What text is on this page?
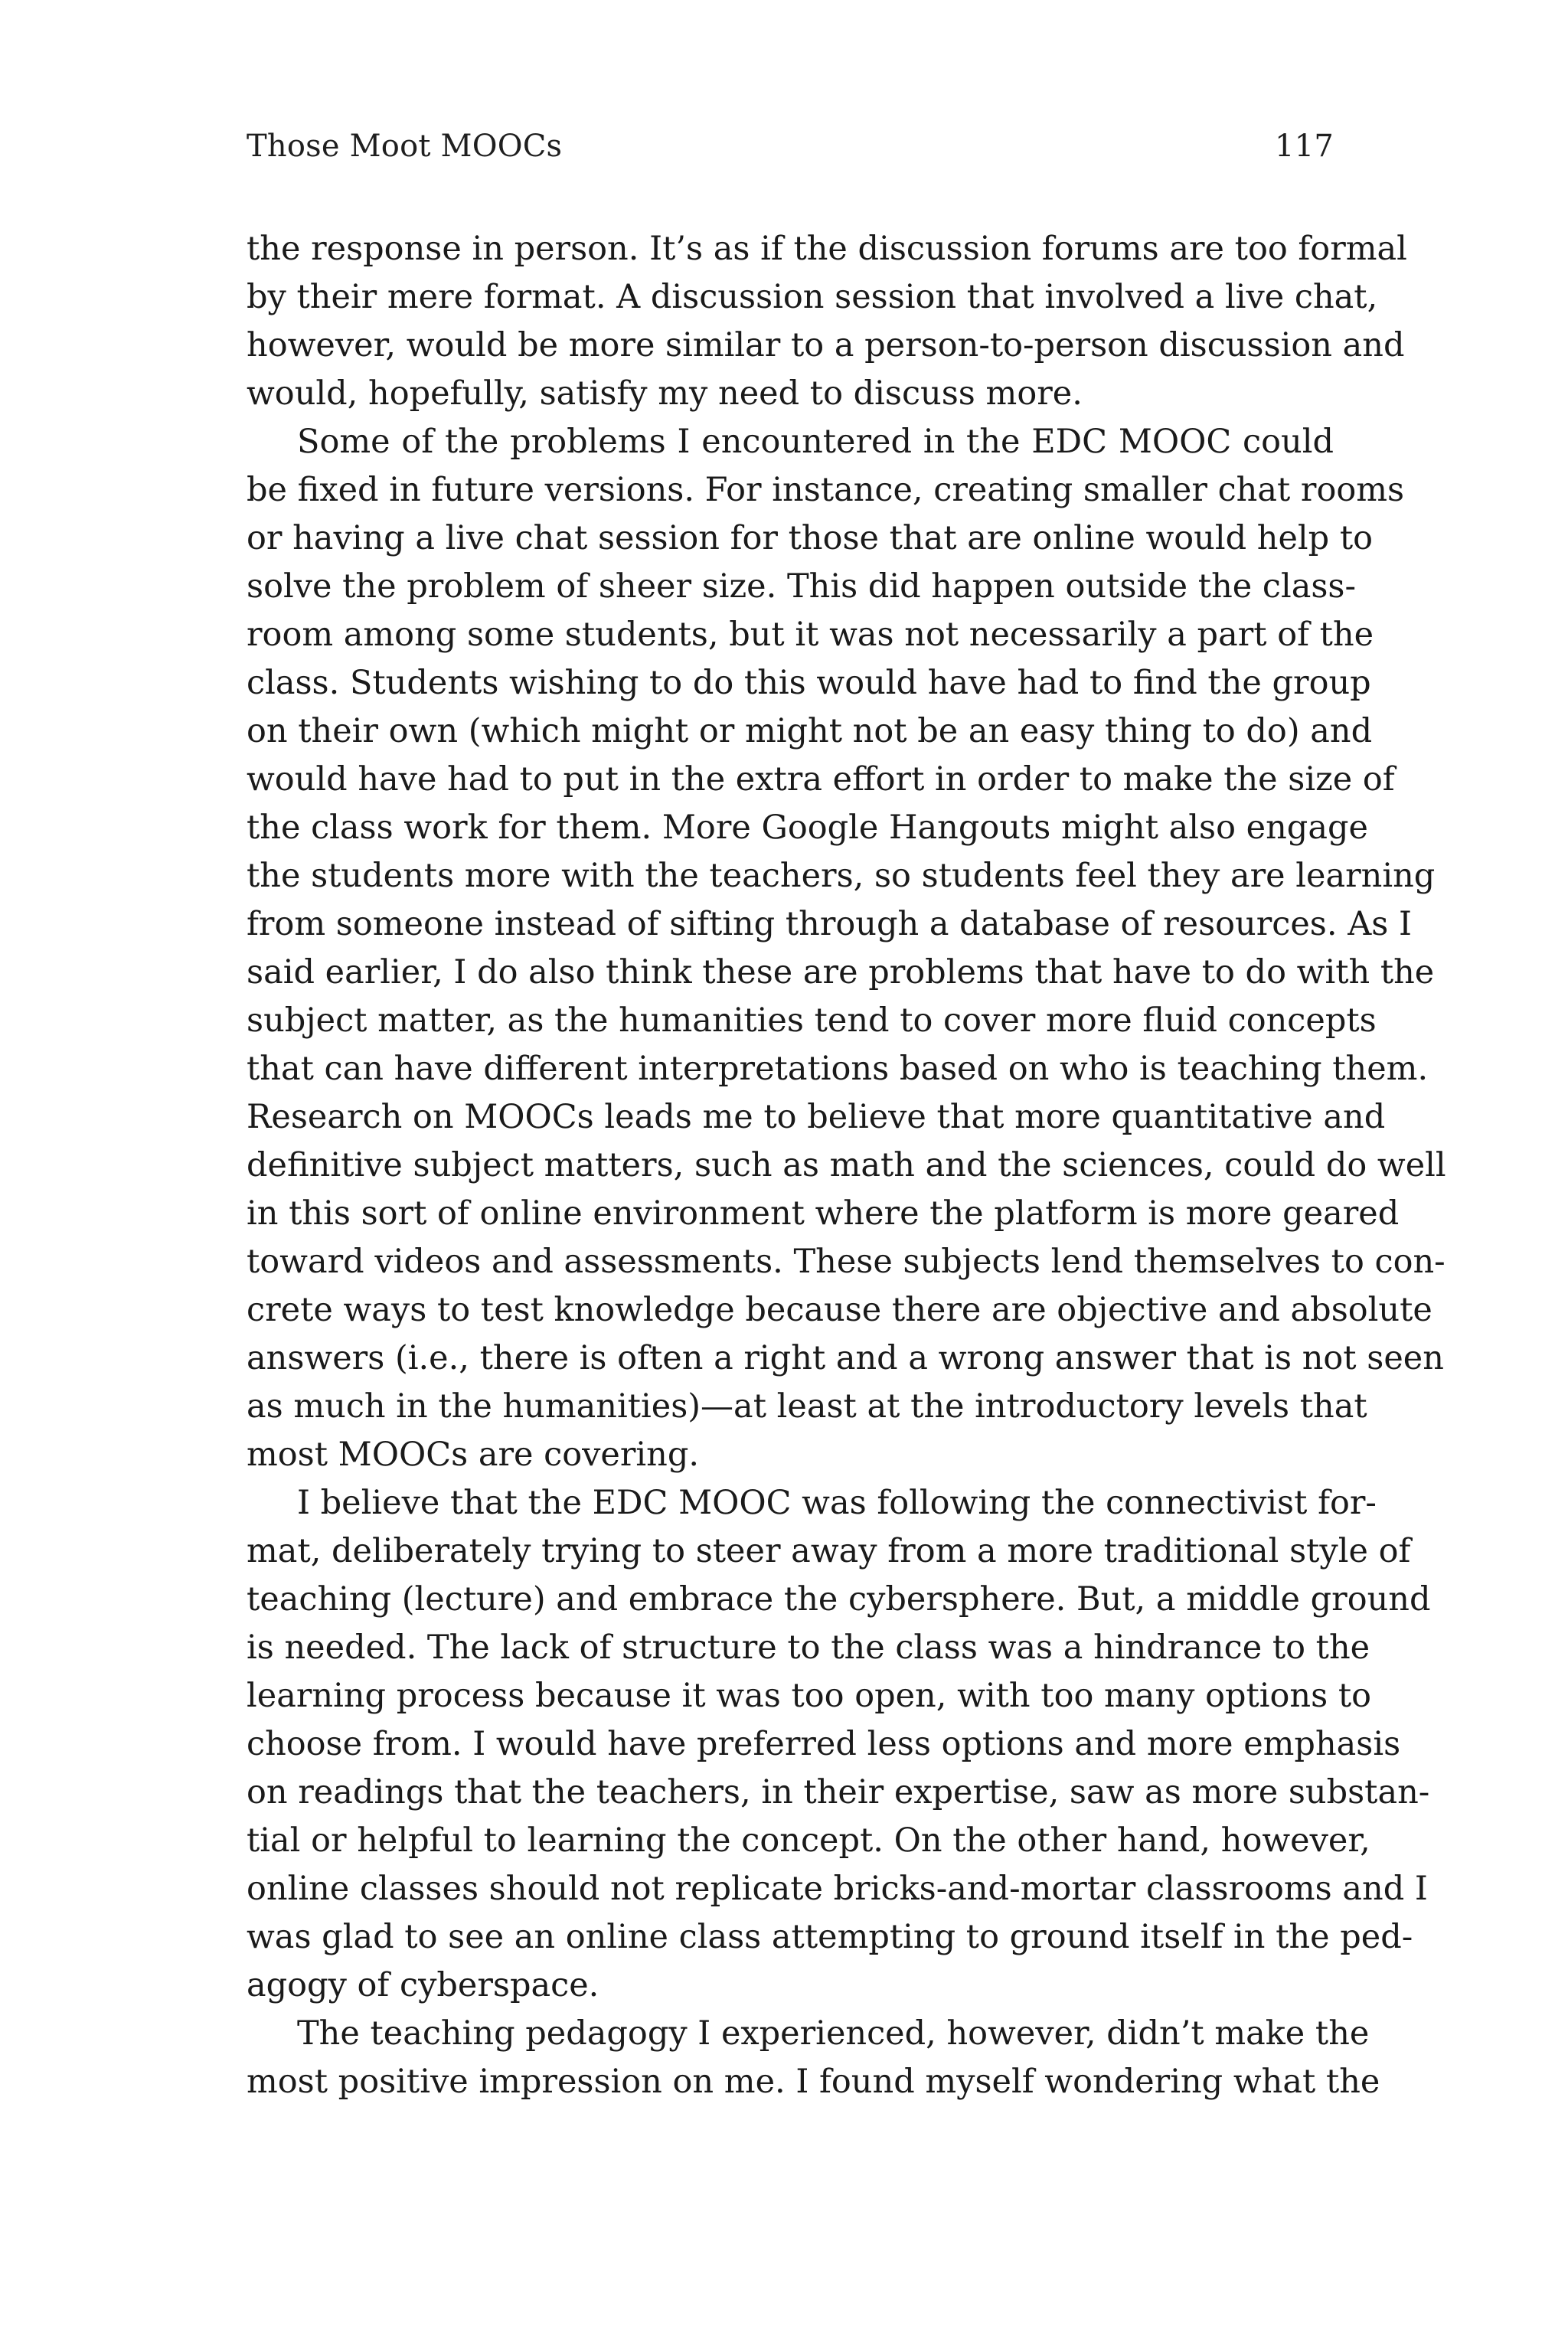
Those Moot MOOCs	117
the response in person. It’s as if the discussion forums are too formal
by their mere format. A discussion session that involved a live chat,
however, would be more similar to a person-to-person discussion and
would, hopefully, satisfy my need to discuss more.
Some of the problems I encountered in the EDC MOOC could
be fixed in future versions. For instance, creating smaller chat rooms
or having a live chat session for those that are online would help to
solve the problem of sheer size. This did happen outside the class-
room among some students, but it was not necessarily a part of the
class. Students wishing to do this would have had to find the group
on their own (which might or might not be an easy thing to do) and
would have had to put in the extra effort in order to make the size of
the class work for them. More Google Hangouts might also engage
the students more with the teachers, so students feel they are learning
from someone instead of sifting through a database of resources. As I
said earlier, I do also think these are problems that have to do with the
subject matter, as the humanities tend to cover more fluid concepts
that can have different interpretations based on who is teaching them.
Research on MOOCs leads me to believe that more quantitative and
definitive subject matters, such as math and the sciences, could do well
in this sort of online environment where the platform is more geared
toward videos and assessments. These subjects lend themselves to con-
crete ways to test knowledge because there are objective and absolute
answers (i.e., there is often a right and a wrong answer that is not seen
as much in the humanities)—at least at the introductory levels that
most MOOCs are covering.
I believe that the EDC MOOC was following the connectivist for-
mat, deliberately trying to steer away from a more traditional style of
teaching (lecture) and embrace the cybersphere. But, a middle ground
is needed. The lack of structure to the class was a hindrance to the
learning process because it was too open, with too many options to
choose from. I would have preferred less options and more emphasis
on readings that the teachers, in their expertise, saw as more substan-
tial or helpful to learning the concept. On the other hand, however,
online classes should not replicate bricks-and-mortar classrooms and I
was glad to see an online class attempting to ground itself in the ped-
agogy of cyberspace.
The teaching pedagogy I experienced, however, didn’t make the
most positive impression on me. I found myself wondering what the
